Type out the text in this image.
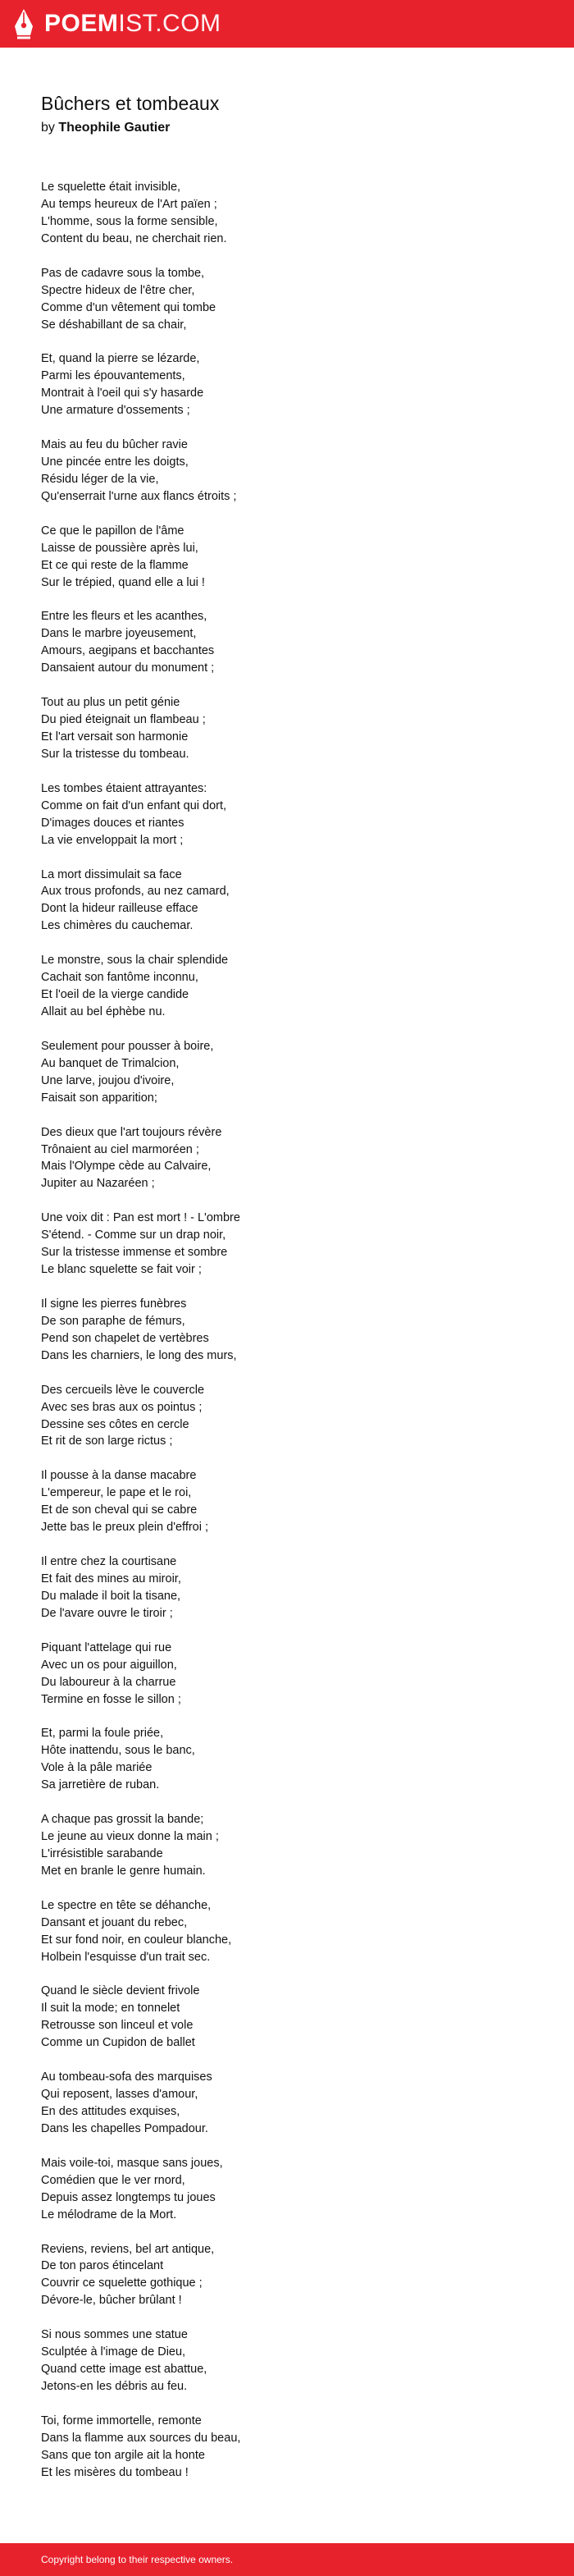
POEMIST.COM
Bûchers et tombeaux
by Theophile Gautier
Le squelette était invisible,
Au temps heureux de l'Art païen ;
L'homme, sous la forme sensible,
Content du beau, ne cherchait rien.
Pas de cadavre sous la tombe,
Spectre hideux de l'être cher,
Comme d'un vêtement qui tombe
Se déshabillant de sa chair,
Et, quand la pierre se lézarde,
Parmi les épouvantements,
Montrait à l'oeil qui s'y hasarde
Une armature d'ossements ;
Mais au feu du bûcher ravie
Une pincée entre les doigts,
Résidu léger de la vie,
Qu'enserrait l'urne aux flancs étroits ;
Ce que le papillon de l'âme
Laisse de poussière après lui,
Et ce qui reste de la flamme
Sur le trépied, quand elle a lui !
Entre les fleurs et les acanthes,
Dans le marbre joyeusement,
Amours, aegipans et bacchantes
Dansaient autour du monument ;
Tout au plus un petit génie
Du pied éteignait un flambeau ;
Et l'art versait son harmonie
Sur la tristesse du tombeau.
Les tombes étaient attrayantes:
Comme on fait d'un enfant qui dort,
D'images douces et riantes
La vie enveloppait la mort ;
La mort dissimulait sa face
Aux trous profonds, au nez camard,
Dont la hideur railleuse efface
Les chimères du cauchemar.
Le monstre, sous la chair splendide
Cachait son fantôme inconnu,
Et l'oeil de la vierge candide
Allait au bel éphèbe nu.
Seulement pour pousser à boire,
Au banquet de Trimalcion,
Une larve, joujou d'ivoire,
Faisait son apparition;
Des dieux que l'art toujours révère
Trônaient au ciel marmoréen ;
Mais l'Olympe cède au Calvaire,
Jupiter au Nazaréen ;
Une voix dit : Pan est mort ! - L'ombre
S'étend. - Comme sur un drap noir,
Sur la tristesse immense et sombre
Le blanc squelette se fait voir ;
Il signe les pierres funèbres
De son paraphe de fémurs,
Pend son chapelet de vertèbres
Dans les charniers, le long des murs,
Des cercueils lève le couvercle
Avec ses bras aux os pointus ;
Dessine ses côtes en cercle
Et rit de son large rictus ;
Il pousse à la danse macabre
L'empereur, le pape et le roi,
Et de son cheval qui se cabre
Jette bas le preux plein d'effroi ;
Il entre chez la courtisane
Et fait des mines au miroir,
Du malade il boit la tisane,
De l'avare ouvre le tiroir ;
Piquant l'attelage qui rue
Avec un os pour aiguillon,
Du laboureur à la charrue
Termine en fosse le sillon ;
Et, parmi la foule priée,
Hôte inattendu, sous le banc,
Vole à la pâle mariée
Sa jarretière de ruban.
A chaque pas grossit la bande;
Le jeune au vieux donne la main ;
L'irrésistible sarabande
Met en branle le genre humain.
Le spectre en tête se déhanche,
Dansant et jouant du rebec,
Et sur fond noir, en couleur blanche,
Holbein l'esquisse d'un trait sec.
Quand le siècle devient frivole
Il suit la mode; en tonnelet
Retrousse son linceul et vole
Comme un Cupidon de ballet
Au tombeau-sofa des marquises
Qui reposent, lasses d'amour,
En des attitudes exquises,
Dans les chapelles Pompadour.
Mais voile-toi, masque sans joues,
Comédien que le ver rnord,
Depuis assez longtemps tu joues
Le mélodrame de la Mort.
Reviens, reviens, bel art antique,
De ton paros étincelant
Couvrir ce squelette gothique ;
Dévore-le, bûcher brûlant !
Si nous sommes une statue
Sculptée à l'image de Dieu,
Quand cette image est abattue,
Jetons-en les débris au feu.
Toi, forme immortelle, remonte
Dans la flamme aux sources du beau,
Sans que ton argile ait la honte
Et les misères du tombeau !
Copyright belong to their respective owners.
